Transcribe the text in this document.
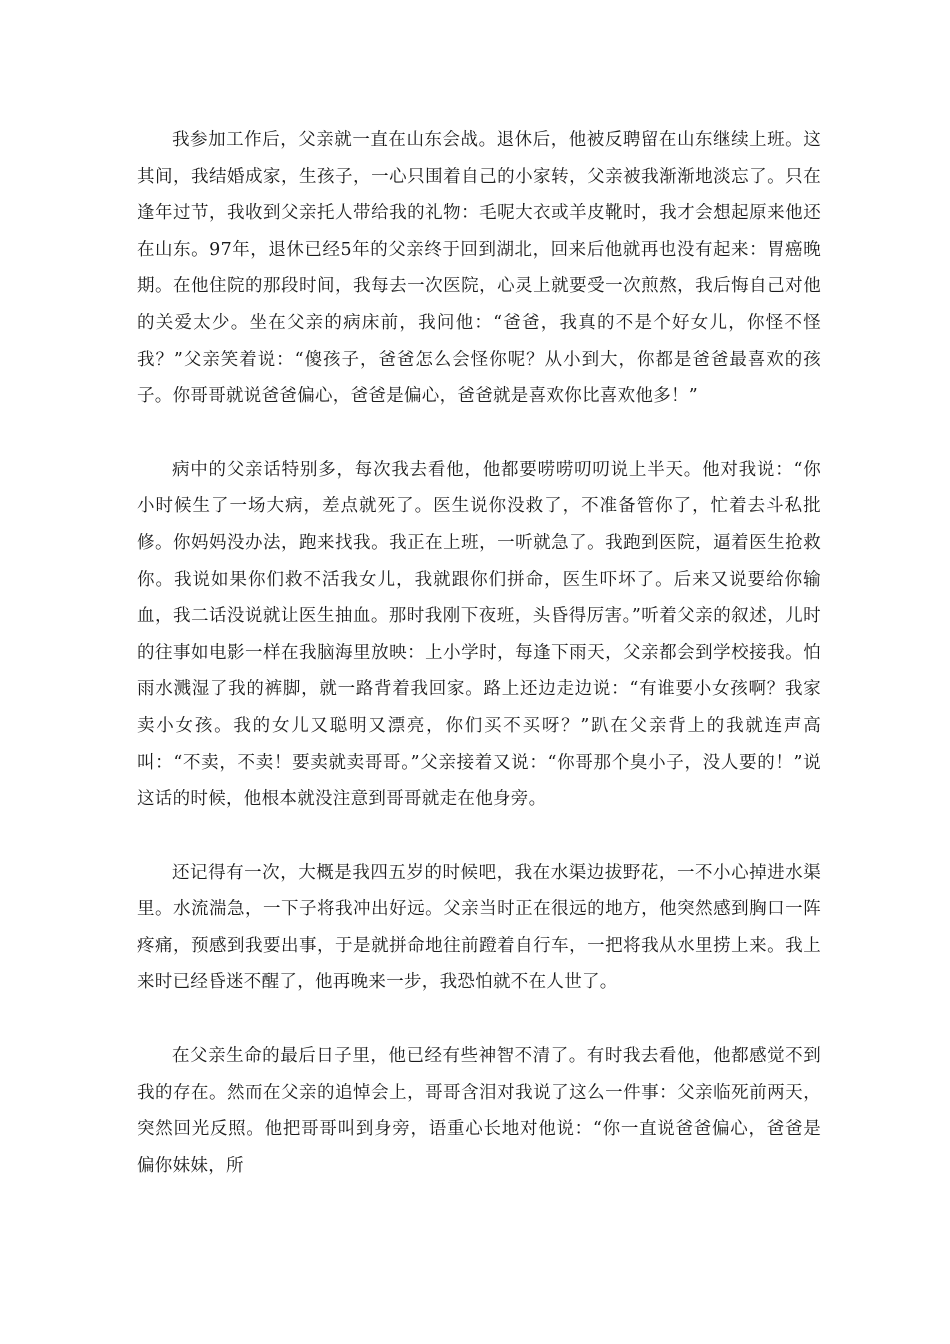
我参加工作后，父亲就一直在山东会战。退休后，他被反聘留在山东继续上班。这其间，我结婚成家，生孩子，一心只围着自己的小家转，父亲被我渐渐地淡忘了。只在逢年过节，我收到父亲托人带给我的礼物：毛呢大衣或羊皮靴时，我才会想起原来他还在山东。97年，退休已经5年的父亲终于回到湖北，回来后他就再也没有起来：胃癌晚期。在他住院的那段时间，我每去一次医院，心灵上就要受一次煎熬，我后悔自己对他的关爱太少。坐在父亲的病床前，我问他：“爸爸，我真的不是个好女儿，你怪不怪我？”父亲笑着说：“傻孩子，爸爸怎么会怪你呢？从小到大，你都是爸爸最喜欢的孩子。你哥哥就说爸爸偏心，爸爸是偏心，爸爸就是喜欢你比喜欢他多！”

病中的父亲话特别多，每次我去看他，他都要唠唠叨叨说上半天。他对我说：“你小时候生了一场大病，差点就死了。医生说你没救了，不准备管你了，忙着去斗私批修。你妈妈没办法，跑来找我。我正在上班，一听就急了。我跑到医院，逼着医生抢救你。我说如果你们救不活我女儿，我就跟你们拼命，医生吓坏了。后来又说要给你输血，我二话没说就让医生抽血。那时我刚下夜班，头昏得厉害。”听着父亲的叙述，儿时的往事如电影一样在我脑海里放映：上小学时，每逢下雨天，父亲都会到学校接我。怕雨水溅湿了我的裤脚，就一路背着我回家。路上还边走边说：“有谁要小女孩啊？我家卖小女孩。我的女儿又聪明又漂亮，你们买不买呀？”趴在父亲背上的我就连声高叫：“不卖，不卖！要卖就卖哥哥。”父亲接着又说：“你哥那个臭小子，没人要的！”说这话的时候，他根本就没注意到哥哥就走在他身旁。

还记得有一次，大概是我四五岁的时候吧，我在水渠边拔野花，一不小心掉进水渠里。水流湍急，一下子将我冲出好远。父亲当时正在很远的地方，他突然感到胸口一阵疼痛，预感到我要出事，于是就拼命地往前蹬着自行车，一把将我从水里捞上来。我上来时已经昏迷不醒了，他再晚来一步，我恐怕就不在人世了。

在父亲生命的最后日子里，他已经有些神智不清了。有时我去看他，他都感觉不到我的存在。然而在父亲的追悼会上，哥哥含泪对我说了这么一件事：父亲临死前两天，突然回光反照。他把哥哥叫到身旁，语重心长地对他说：“你一直说爸爸偏心，爸爸是偏你妹妹，所
